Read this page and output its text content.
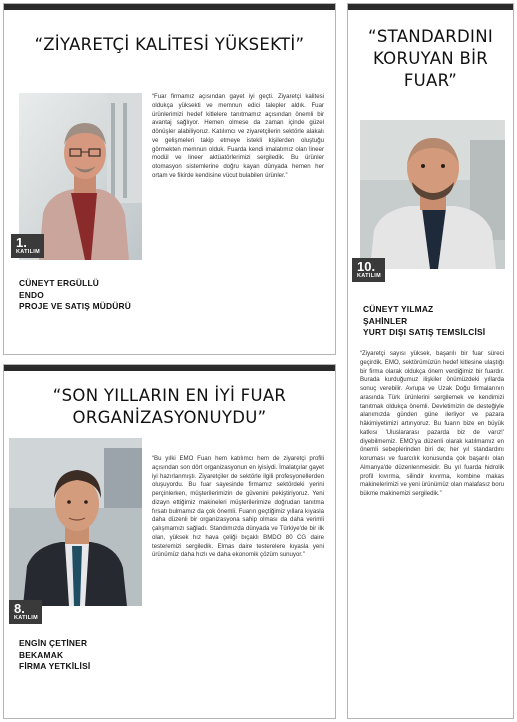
“ZİYARETÇİ KALİTESİ YÜKSEKTİ”
1.
KATILIM

“Fuar firmamız açısından gayet iyi geçti. Ziyaretçi kalitesi oldukça yüksekti ve memnun edici talepler aldık. Fuar ürünlerimizi hedef kitlelere tanıtmamız açısından önemli bir avantaj sağlıyor. Hemen olmese da zaman içinde güzel dönüşler alabiliyoruz. Katılımcı ve ziyaretçilerin sektörle alakalı ve gelişmeleri takip etmeye istekli kişilerden oluştuğu görmekten memnun olduk. Fuarda kendi imalatımız olan lineer modül ve lineer aktüatörlerimizi sergiledik. Bu ürünler otomasyon sistemlerine doğru kayan dünyada hemen her ortam ve fikirde kendisine vücut bulabilen ürünler.”

CÜNEYT ERGÜLLÜ
ENDO
PROJE VE SATIŞ MÜDÜRÜ
“STANDARDINI KORUYAN BİR FUAR”
10.
KATILIM
CÜNEYT YILMAZ
ŞAHİNLER
YURT DIŞI SATIŞ TEMSİLCİSİ

“Ziyaretçi sayısı yüksek, başarılı bir fuar süreci geçirdik. EMO, sektörümüzün hedef kitlesine ulaştığı bir firma olarak oldukça önem verdiğimiz bir fuardır. Burada kurduğumuz ilişkiler önümüzdeki yıllarda sonuç verebilir. Avrupa ve Uzak Doğu firmalarının arasında Türk ürünlerini sergilemek ve kendimizi tanıtmak oldukça önemli. Devletimizin de desteğiyle alanımızda günden güne ilerliyor ve pazara hâkimiyetimizi artırıyoruz. Bu fuarın bize en büyük katkısı 'Uluslararası pazarda biz de varız!' diyebilmemiz. EMO'ya düzenli olarak katılmamız en önemli sebeplerinden biri de; her yıl standardını koruması ve fuarcılık konusunda çok başarılı olan Almanya'de düzenlenmesidir. Bu yıl fuarda hidrolik profil kıvırma, silindir kıvırma, kombine makas makinelerimizi ve yeni ürünümüz olan malafasız boru bükme makinemizi sergiledik.”

“SON YILLARIN EN İYİ FUAR ORGANİZASYONUYDU”
8.
KATILIM

“Bu yılki EMO Fuarı hem katılımcı hem de ziyaretçi profili açısından son dört organizasyonun en iyisiydi. İmalatçılar gayet iyi hazırlanmıştı. Ziyaretçiler de sektörle ilgili profesyonellerden oluşuyordu. Bu fuar sayesinde firmamız sektördeki yerini perçinlerken, müşterilerimizin de güvenini pekiştiriyoruz. Yeni dizayn ettiğimiz makineleri müşterilerimize doğrudan tanıtma fırsatı bulmamız da çok önemli. Fuarın geçtiğimiz yıllara kıyasla daha düzenli bir organizasyona sahip olması da daha verimli çalışmamızı sağladı. Standımızda dünyada ve Türkiye'de bir ilk olan, yüksek hız hava çeliği bıçaklı BMDO 80 CG daire testeremizi sergiledik. Elmas daire testerelere kıyasla yeni ürünümüz daha hızlı ve daha ekonomik çözüm sunuyor.”

ENGİN ÇETİNER
BEKAMAK
FİRMA YETKİLİSİ
